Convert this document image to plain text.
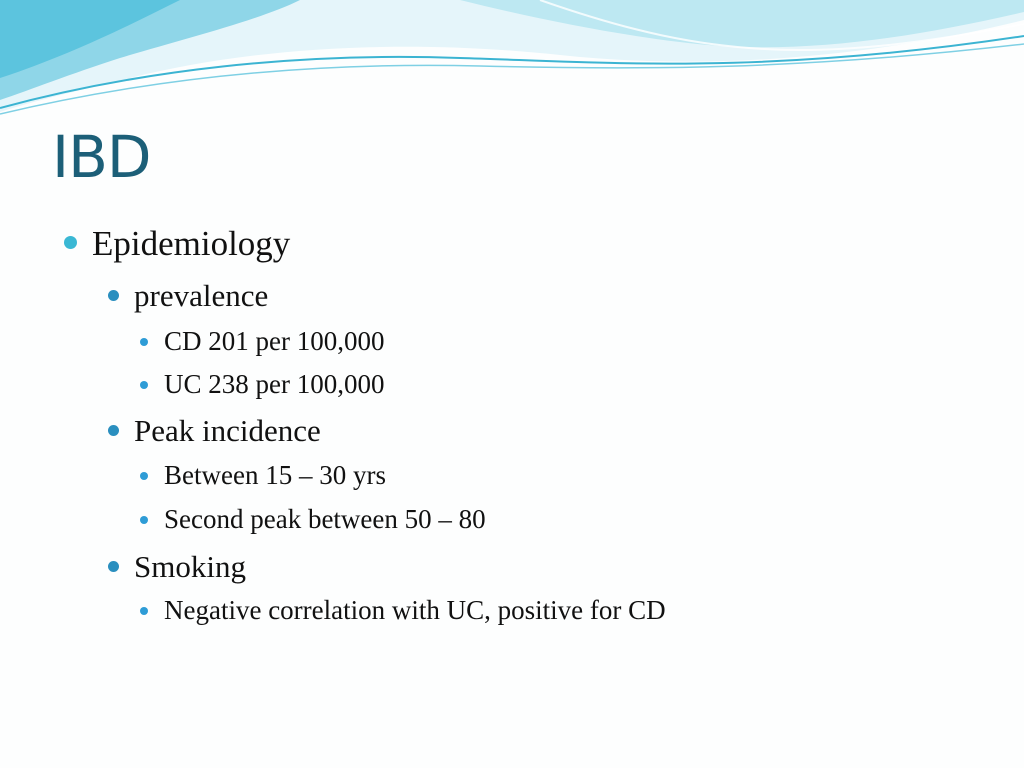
IBD
Epidemiology
prevalence
CD 201 per 100,000
UC 238 per 100,000
Peak incidence
Between 15 – 30 yrs
Second peak between 50 – 80
Smoking
Negative correlation with UC, positive for CD
